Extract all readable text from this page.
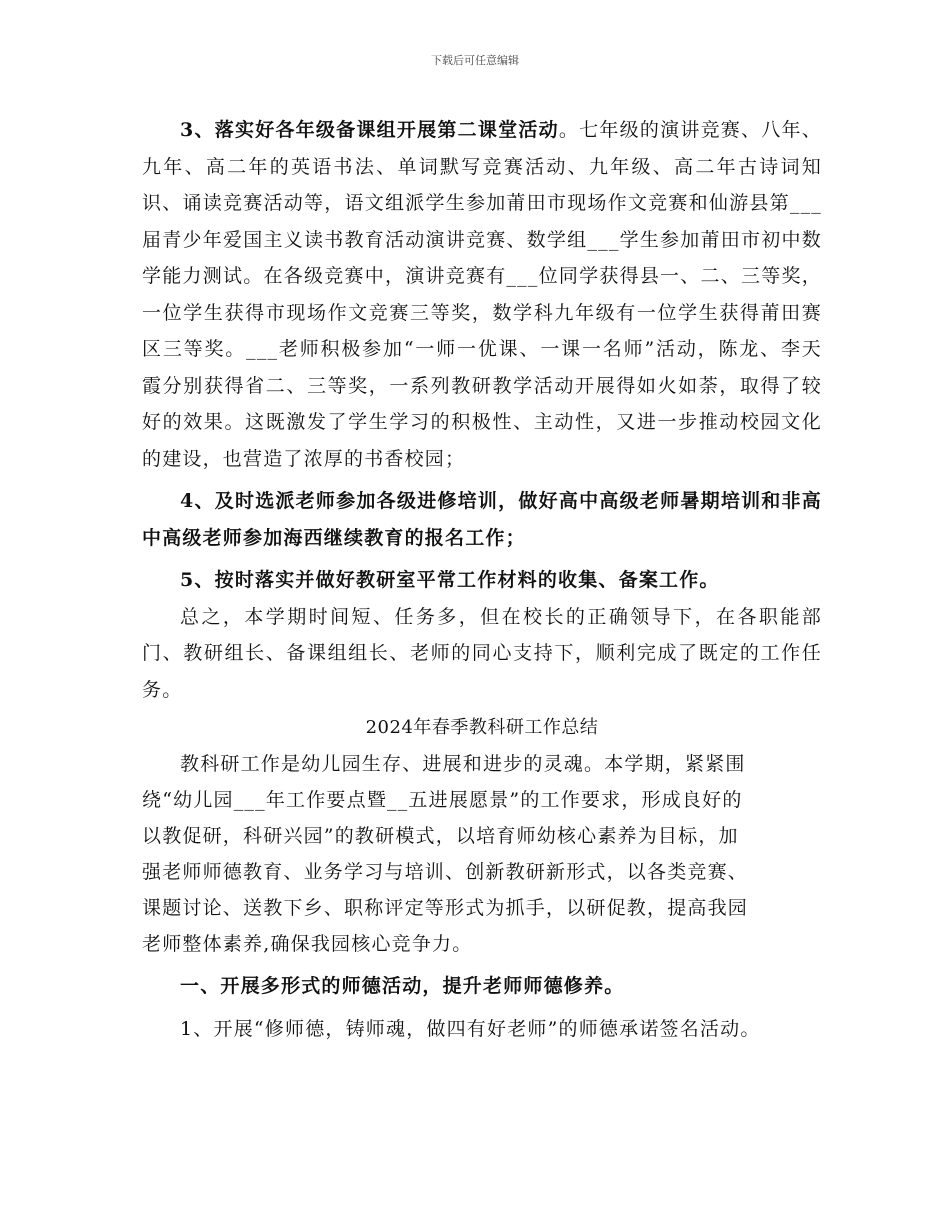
下载后可任意编辑

3、落实好各年级备课组开展第二课堂活动。七年级的演讲竞赛、八年、九年、高二年的英语书法、单词默写竞赛活动、九年级、高二年古诗词知识、诵读竞赛活动等，语文组派学生参加莆田市现场作文竞赛和仙游县第___届青少年爱国主义读书教育活动演讲竞赛、数学组___学生参加莆田市初中数学能力测试。在各级竞赛中，演讲竞赛有___位同学获得县一、二、三等奖，一位学生获得市现场作文竞赛三等奖，数学科九年级有一位学生获得莆田赛区三等奖。___老师积极参加“一师一优课、一课一名师”活动，陈龙、李天霞分别获得省二、三等奖，一系列教研教学活动开展得如火如荼，取得了较好的效果。这既激发了学生学习的积极性、主动性，又进一步推动校园文化的建设，也营造了浓厚的书香校园；

4、及时选派老师参加各级进修培训，做好高中高级老师暑期培训和非高中高级老师参加海西继续教育的报名工作；

5、按时落实并做好教研室平常工作材料的收集、备案工作。

总之，本学期时间短、任务多，但在校长的正确领导下，在各职能部门、教研组长、备课组组长、老师的同心支持下，顺利完成了既定的工作任务。

2024年春季教科研工作总结

教科研工作是幼儿园生存、进展和进步的灵魂。本学期，紧紧围
绕“幼儿园___年工作要点暨__五进展愿景”的工作要求，形成良好的
以教促研，科研兴园”的教研模式，以培育师幼核心素养为目标，加
强老师师德教育、业务学习与培训、创新教研新形式，以各类竞赛、
课题讨论、送教下乡、职称评定等形式为抓手，以研促教，提高我园
老师整体素养,确保我园核心竞争力。

一、开展多形式的师德活动，提升老师师德修养。

1、开展“修师德，铸师魂，做四有好老师”的师德承诺签名活动。
